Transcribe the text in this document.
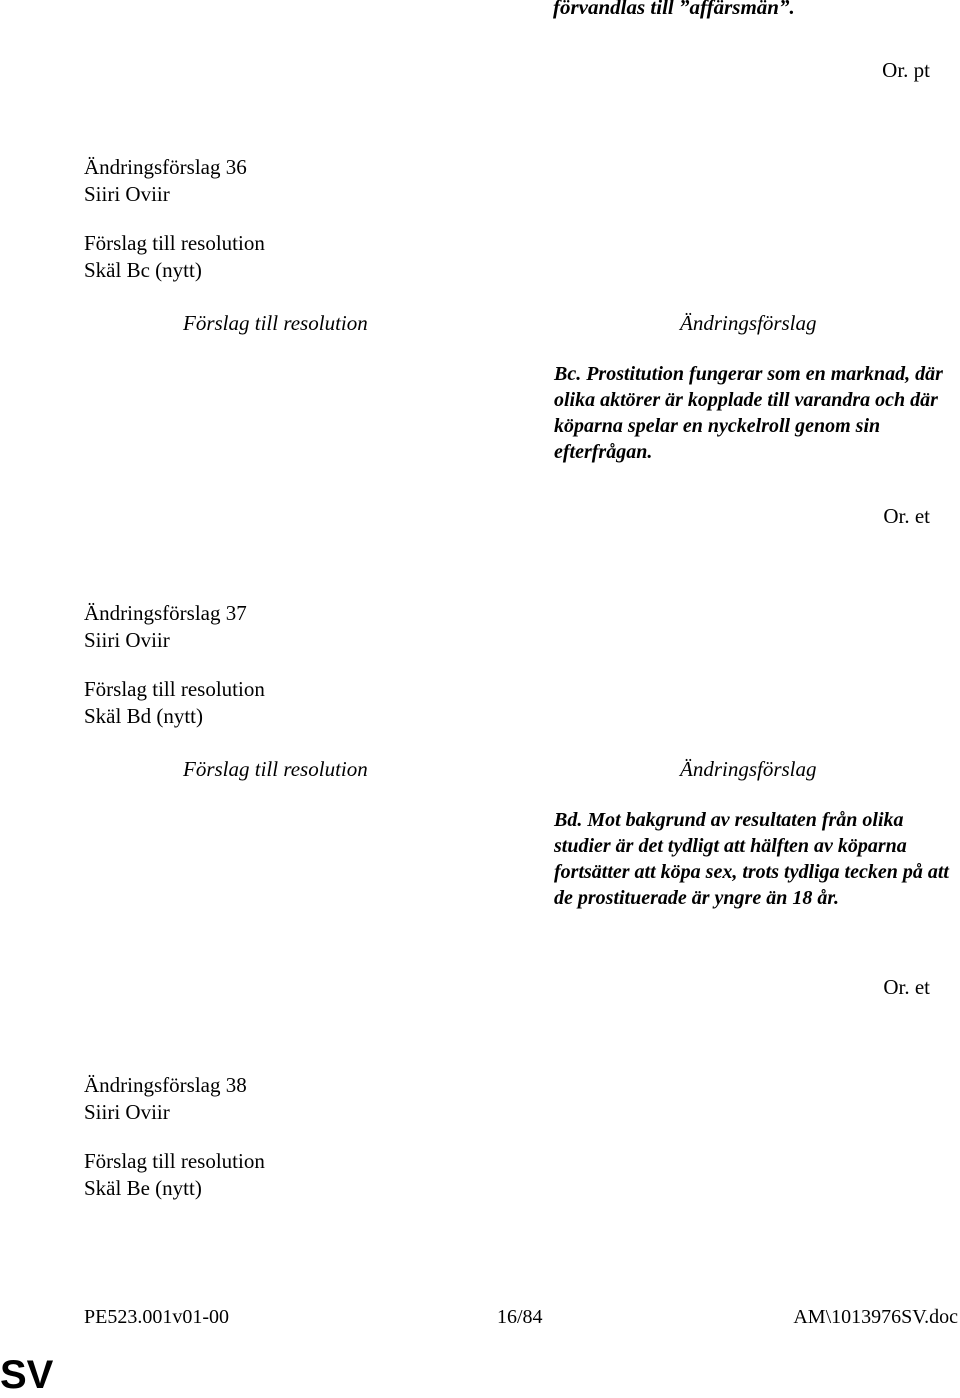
förvandlas till ”affärsmän”.
Or. pt
Ändringsförslag 36
Siiri Oviir
Förslag till resolution
Skäl Bc (nytt)
Förslag till resolution	Ändringsförslag
Bc. Prostitution fungerar som en marknad, där olika aktörer är kopplade till varandra och där köparna spelar en nyckelroll genom sin efterfrågan.
Or. et
Ändringsförslag 37
Siiri Oviir
Förslag till resolution
Skäl Bd (nytt)
Förslag till resolution	Ändringsförslag
Bd. Mot bakgrund av resultaten från olika studier är det tydligt att hälften av köparna fortsätter att köpa sex, trots tydliga tecken på att de prostituerade är yngre än 18 år.
Or. et
Ändringsförslag 38
Siiri Oviir
Förslag till resolution
Skäl Be (nytt)
PE523.001v01-00	16/84	AM\1013976SV.doc
SV
